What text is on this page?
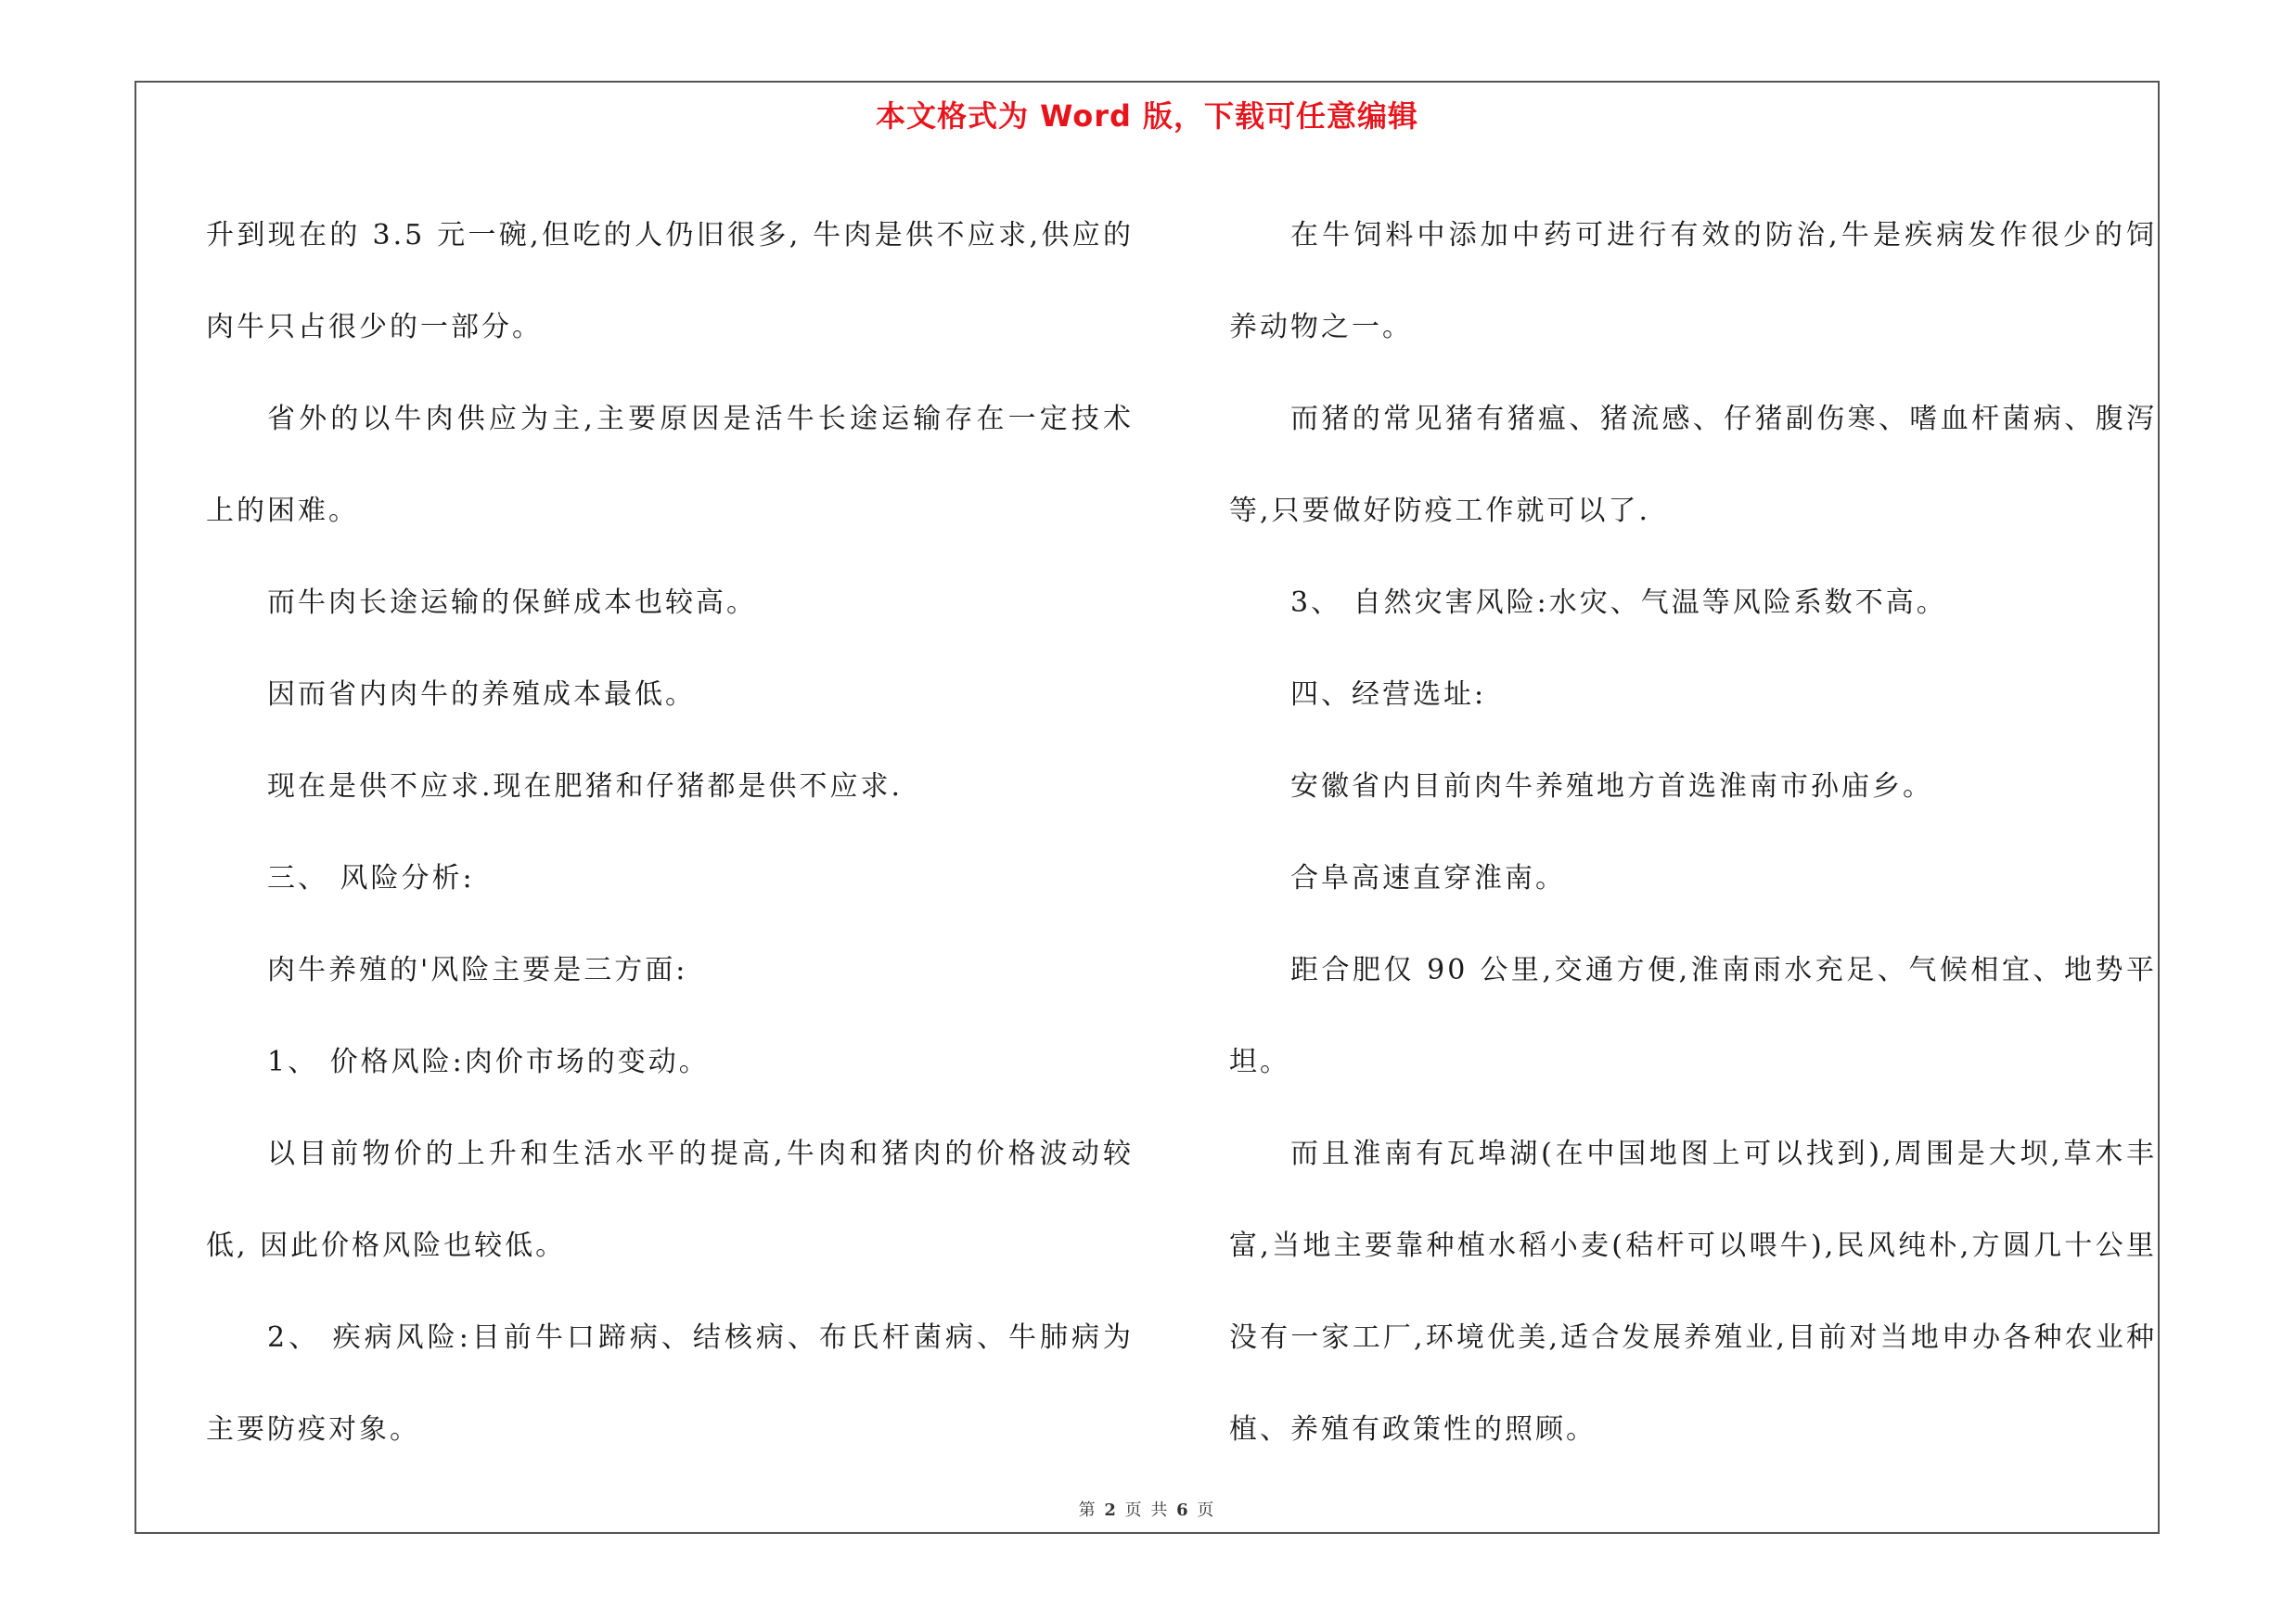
本文格式为 Word 版，下载可任意编辑

升到现在的 3.5 元一碗,但吃的人仍旧很多, 牛肉是供不应求,供应的肉牛只占很少的一部分。

省外的以牛肉供应为主,主要原因是活牛长途运输存在一定技术上的困难。

而牛肉长途运输的保鲜成本也较高。

因而省内肉牛的养殖成本最低。

现在是供不应求.现在肥猪和仔猪都是供不应求.

三、 风险分析:

肉牛养殖的'风险主要是三方面:

1、 价格风险:肉价市场的变动。

以目前物价的上升和生活水平的提高,牛肉和猪肉的价格波动较低, 因此价格风险也较低。

2、 疾病风险:目前牛口蹄病、结核病、布氏杆菌病、牛肺病为主要防疫对象。

在牛饲料中添加中药可进行有效的防治,牛是疾病发作很少的饲养动物之一。

而猪的常见猪有猪瘟、猪流感、仔猪副伤寒、嗜血杆菌病、腹泻等,只要做好防疫工作就可以了.

3、 自然灾害风险:水灾、气温等风险系数不高。

四、经营选址:

安徽省内目前肉牛养殖地方首选淮南市孙庙乡。

合阜高速直穿淮南。

距合肥仅 90 公里,交通方便,淮南雨水充足、气候相宜、地势平坦。

而且淮南有瓦埠湖(在中国地图上可以找到),周围是大坝,草木丰富,当地主要靠种植水稻小麦(秸杆可以喂牛),民风纯朴,方圆几十公里没有一家工厂,环境优美,适合发展养殖业,目前对当地申办各种农业种植、养殖有政策性的照顾。

第 2 页 共 6 页
